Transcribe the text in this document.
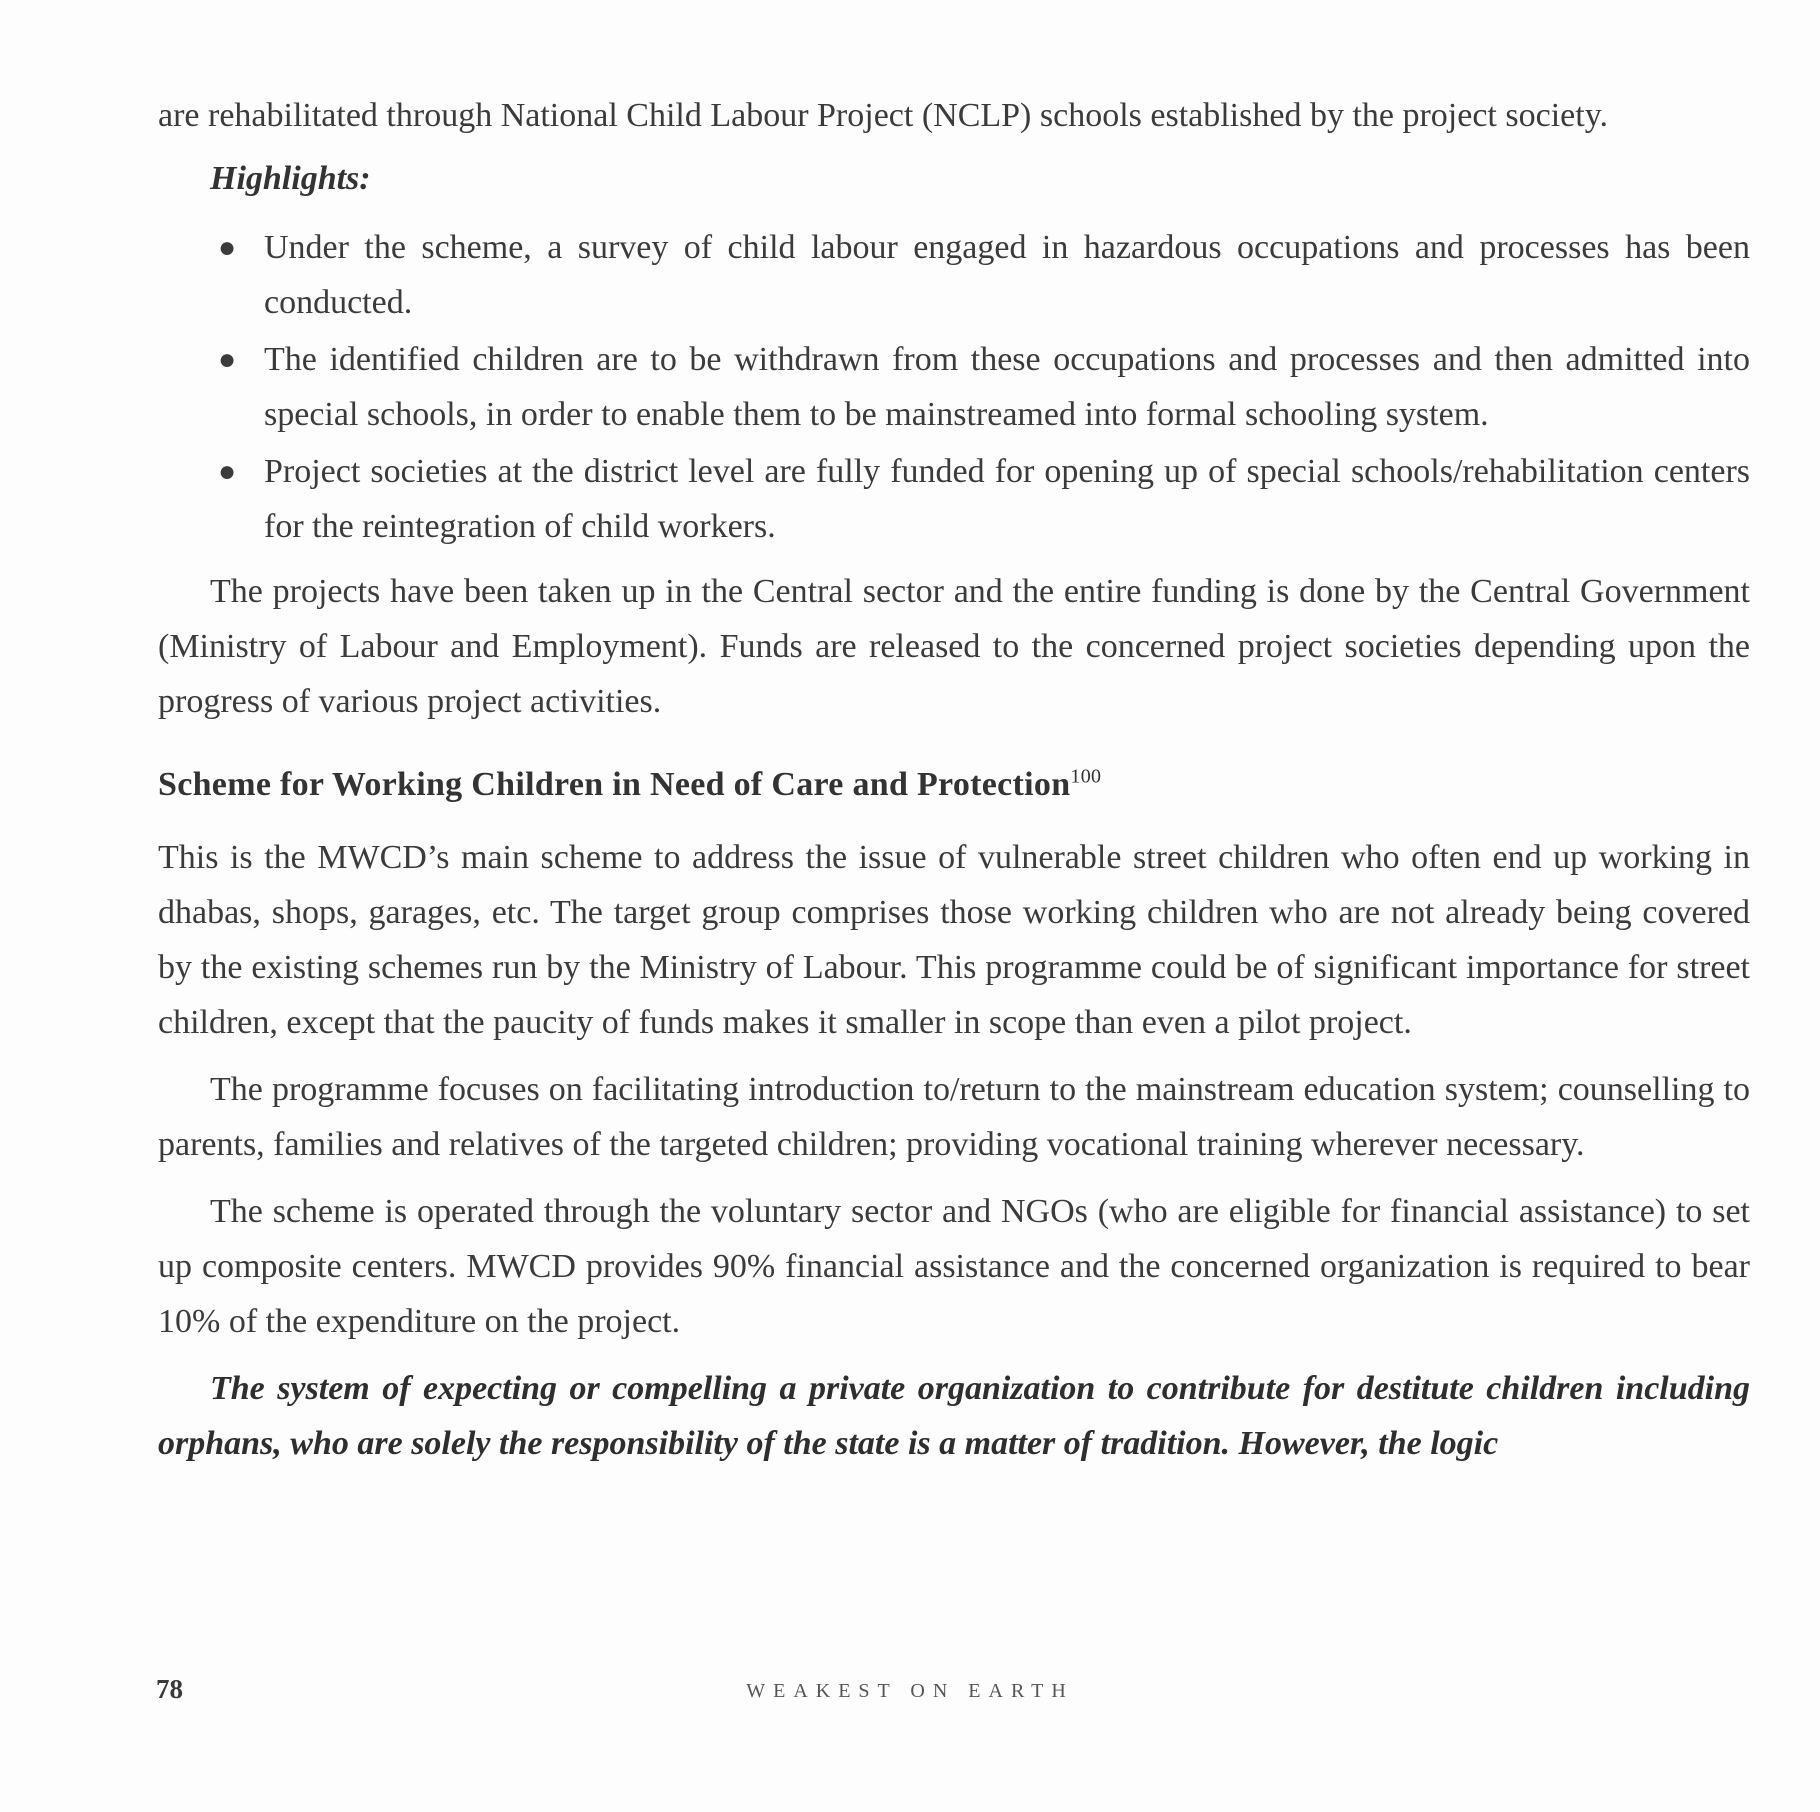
are rehabilitated through National Child Labour Project (NCLP) schools established by the project society.

Highlights:
● Under the scheme, a survey of child labour engaged in hazardous occupations and processes has been conducted.
● The identified children are to be withdrawn from these occupations and processes and then admitted into special schools, in order to enable them to be mainstreamed into formal schooling system.
● Project societies at the district level are fully funded for opening up of special schools/rehabilitation centers for the reintegration of child workers.

The projects have been taken up in the Central sector and the entire funding is done by the Central Government (Ministry of Labour and Employment). Funds are released to the concerned project societies depending upon the progress of various project activities.

Scheme for Working Children in Need of Care and Protection$^{100}$

This is the MWCD’s main scheme to address the issue of vulnerable street children who often end up working in dhabas, shops, garages, etc. The target group comprises those working children who are not already being covered by the existing schemes run by the Ministry of Labour. This programme could be of significant importance for street children, except that the paucity of funds makes it smaller in scope than even a pilot project.

The programme focuses on facilitating introduction to/return to the mainstream education system; counselling to parents, families and relatives of the targeted children; providing vocational training wherever necessary.

The scheme is operated through the voluntary sector and NGOs (who are eligible for financial assistance) to set up composite centers. MWCD provides 90% financial assistance and the concerned organization is required to bear 10% of the expenditure on the project.

The system of expecting or compelling a private organization to contribute for destitute children including orphans, who are solely the responsibility of the state is a matter of tradition. However, the logic

78	WEAKEST ON EARTH
